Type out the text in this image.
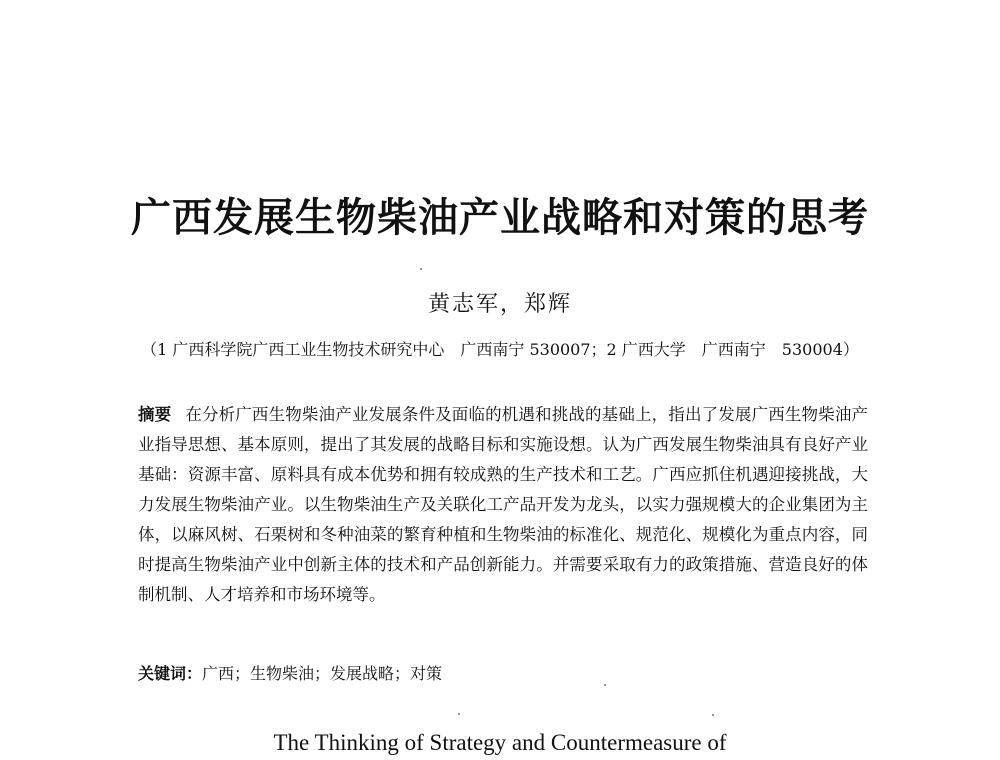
广西发展生物柴油产业战略和对策的思考
黄志军，郑辉
（1 广西科学院广西工业生物技术研究中心　广西南宁 530007；2 广西大学　广西南宁　530004）
摘要 在分析广西生物柴油产业发展条件及面临的机遇和挑战的基础上，指出了发展广西生物柴油产业指导思想、基本原则，提出了其发展的战略目标和实施设想。认为广西发展生物柴油具有良好产业基础：资源丰富、原料具有成本优势和拥有较成熟的生产技术和工艺。广西应抓住机遇迎接挑战，大力发展生物柴油产业。以生物柴油生产及关联化工产品开发为龙头，以实力强规模大的企业集团为主体，以麻风树、石栗树和冬种油菜的繁育种植和生物柴油的标准化、规范化、规模化为重点内容，同时提高生物柴油产业中创新主体的技术和产品创新能力。并需要采取有力的政策措施、营造良好的体制机制、人才培养和市场环境等。
关键词：广西；生物柴油；发展战略；对策
The Thinking of Strategy and Countermeasure of
